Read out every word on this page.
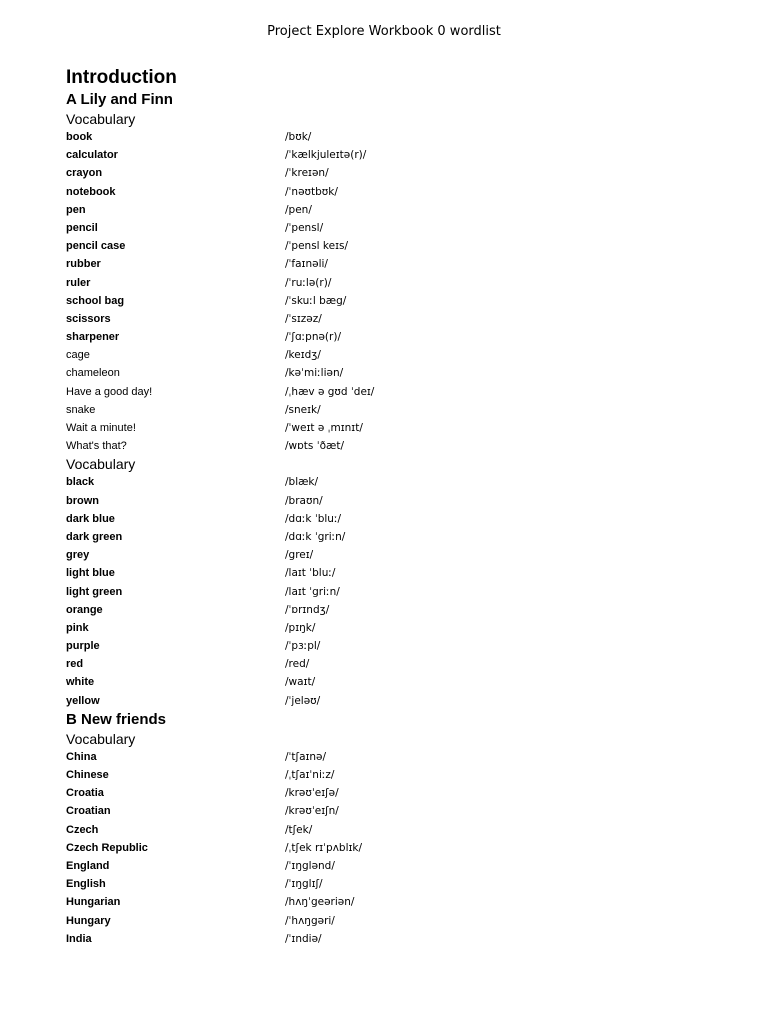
Project Explore Workbook 0 wordlist
Introduction
A Lily and Finn
Vocabulary
book	/bʊk/
calculator	/ˈkælkjuleɪtə(r)/
crayon	/ˈkreɪən/
notebook	/ˈnəʊtbʊk/
pen	/pen/
pencil	/ˈpensl/
pencil case	/ˈpensl keɪs/
rubber	/ˈfaɪnəli/
ruler	/ˈruːlə(r)/
school bag	/ˈskuːl bæg/
scissors	/ˈsɪzəz/
sharpener	/ˈʃɑːpnə(r)/
cage	/keɪdʒ/
chameleon	/kəˈmiːliən/
Have a good day!	/ˌhæv ə gʊd ˈdeɪ/
snake	/sneɪk/
Wait a minute!	/ˈweɪt ə ˌmɪnɪt/
What's that?	/wɒts ˈðæt/
Vocabulary
black	/blæk/
brown	/braʊn/
dark blue	/dɑːk ˈbluː/
dark green	/dɑːk ˈgriːn/
grey	/greɪ/
light blue	/laɪt ˈbluː/
light green	/laɪt ˈgriːn/
orange	/ˈɒrɪndʒ/
pink	/pɪŋk/
purple	/ˈpɜːpl/
red	/red/
white	/waɪt/
yellow	/ˈjeləʊ/
B New friends
Vocabulary
China	/ˈtʃaɪnə/
Chinese	/ˌtʃaɪˈniːz/
Croatia	/krəʊˈeɪʃə/
Croatian	/krəʊˈeɪʃn/
Czech	/tʃek/
Czech Republic	/ˌtʃek rɪˈpʌblɪk/
England	/ˈɪŋglənd/
English	/ˈɪŋglɪʃ/
Hungarian	/hʌŋˈgeəriən/
Hungary	/ˈhʌŋgəri/
India	/ˈɪndiə/
